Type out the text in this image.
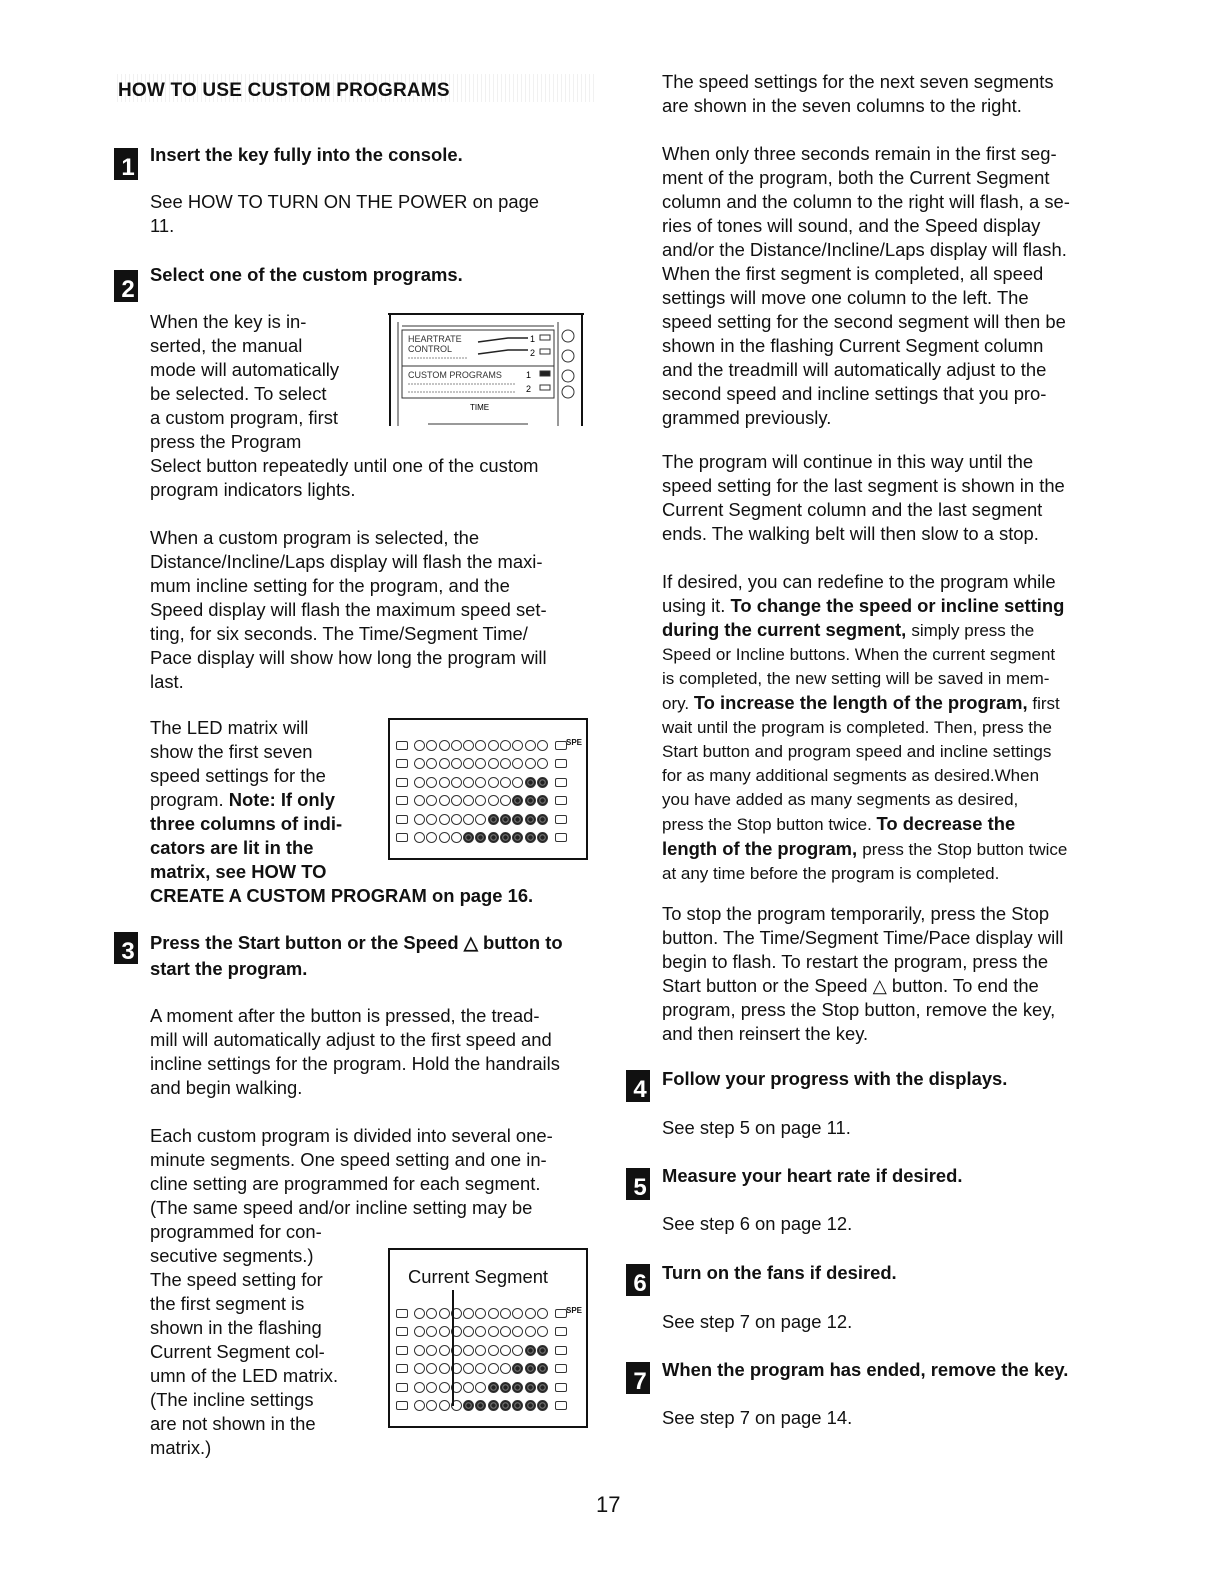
HOW TO USE CUSTOM PROGRAMS
1 Insert the key fully into the console.
See HOW TO TURN ON THE POWER on page
11.
2
Select one of the custom programs.
When the key is in-
serted, the manual
mode will automatically
be selected. To select
a custom program, first
press the Program
Select button repeatedly until one of the custom
program indicators lights.
HEARTRATE
CONTROL
1
2
CUSTOM PROGRAMS	1
2
TIME
When a custom program is selected, the
Distance/Incline/Laps display will flash the maxi-
mum incline setting for the program, and the
Speed display will flash the maximum speed set-
ting, for six seconds. The Time/Segment Time/
Pace display will show how long the program will
last.
The LED matrix will
show the first seven
speed settings for the
program. Note: If only
three columns of indi-
cators are lit in the
matrix, see HOW TO
CREATE A CUSTOM PROGRAM on page 16.
SPE
3 Press the Start button or the Speed △ button to
start the program.
A moment after the button is pressed, the tread-
mill will automatically adjust to the first speed and
incline settings for the program. Hold the handrails
and begin walking.
Each custom program is divided into several one-
minute segments. One speed setting and one in-
cline setting are programmed for each segment.
(The same speed and/or incline setting may be
programmed for con-
secutive segments.)
The speed setting for
the first segment is
shown in the flashing
Current Segment col-
umn of the LED matrix.
(The incline settings
are not shown in the
matrix.)
Current Segment
SPE
The speed settings for the next seven segments
are shown in the seven columns to the right.
When only three seconds remain in the first seg-
ment of the program, both the Current Segment
column and the column to the right will flash, a se-
ries of tones will sound, and the Speed display
and/or the Distance/Incline/Laps display will flash.
When the first segment is completed, all speed
settings will move one column to the left. The
speed setting for the second segment will then be
shown in the flashing Current Segment column
and the treadmill will automatically adjust to the
second speed and incline settings that you pro-
grammed previously.
The program will continue in this way until the
speed setting for the last segment is shown in the
Current Segment column and the last segment
ends. The walking belt will then slow to a stop.
If desired, you can redefine to the program while
using it. To change the speed or incline setting
during the current segment, simply press the
Speed or Incline buttons. When the current segment
is completed, the new setting will be saved in mem-
ory. To increase the length of the program, first
wait until the program is completed. Then, press the
Start button and program speed and incline settings
for as many additional segments as desired.When
you have added as many segments as desired,
press the Stop button twice. To decrease the
length of the program, press the Stop button twice
at any time before the program is completed.
To stop the program temporarily, press the Stop
button. The Time/Segment Time/Pace display will
begin to flash. To restart the program, press the
Start button or the Speed △ button. To end the
program, press the Stop button, remove the key,
and then reinsert the key.
4 Follow your progress with the displays.
See step 5 on page 11.
5 Measure your heart rate if desired.
See step 6 on page 12.
6 Turn on the fans if desired.
See step 7 on page 12.
7 When the program has ended, remove the key.
See step 7 on page 14.
17
